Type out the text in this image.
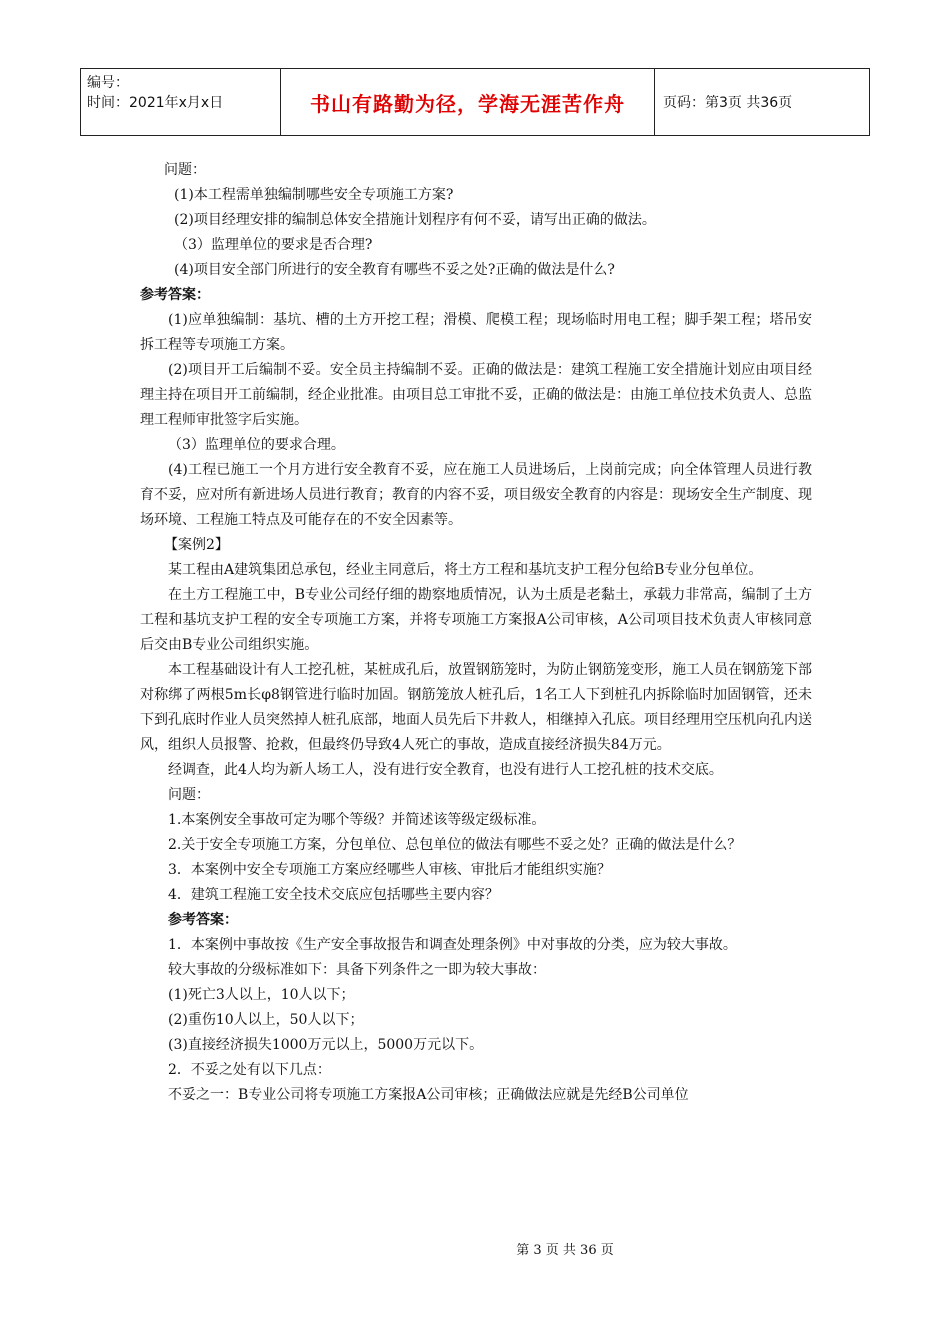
编号：
时间：2021年x月x日	书山有路勤为径，学海无涯苦作舟	页码：第3页 共36页

问题：

(1)本工程需单独编制哪些安全专项施工方案?

(2)项目经理安排的编制总体安全措施计划程序有何不妥，请写出正确的做法。

（3）监理单位的要求是否合理?

(4)项目安全部门所进行的安全教育有哪些不妥之处?正确的做法是什么?

参考答案：

(1)应单独编制：基坑、槽的土方开挖工程；滑模、爬模工程；现场临时用电工程；脚手架工程；塔吊安拆工程等专项施工方案。

(2)项目开工后编制不妥。安全员主持编制不妥。正确的做法是：建筑工程施工安全措施计划应由项目经理主持在项目开工前编制，经企业批准。由项目总工审批不妥，正确的做法是：由施工单位技术负责人、总监理工程师审批签字后实施。

（3）监理单位的要求合理。

(4)工程已施工一个月方进行安全教育不妥，应在施工人员进场后，上岗前完成；向全体管理人员进行教育不妥，应对所有新进场人员进行教育；教育的内容不妥，项目级安全教育的内容是：现场安全生产制度、现场环境、工程施工特点及可能存在的不安全因素等。

【案例2】

某工程由A建筑集团总承包，经业主同意后，将土方工程和基坑支护工程分包给B专业分包单位。

在土方工程施工中，B专业公司经仔细的勘察地质情况，认为土质是老黏土，承载力非常高，编制了土方工程和基坑支护工程的安全专项施工方案，并将专项施工方案报A公司审核，A公司项目技术负责人审核同意后交由B专业公司组织实施。

本工程基础设计有人工挖孔桩，某桩成孔后，放置钢筋笼时，为防止钢筋笼变形，施工人员在钢筋笼下部对称绑了两根5m长φ8钢管进行临时加固。钢筋笼放人桩孔后，1名工人下到桩孔内拆除临时加固钢管，还未下到孔底时作业人员突然掉人桩孔底部，地面人员先后下井救人，相继掉入孔底。项目经理用空压机向孔内送风，组织人员报警、抢救，但最终仍导致4人死亡的事故，造成直接经济损失84万元。

经调查，此4人均为新人场工人，没有进行安全教育，也没有进行人工挖孔桩的技术交底。

问题：

1.本案例安全事故可定为哪个等级？并简述该等级定级标准。

2.关于安全专项施工方案，分包单位、总包单位的做法有哪些不妥之处？正确的做法是什么？

3．本案例中安全专项施工方案应经哪些人审核、审批后才能组织实施？

4．建筑工程施工安全技术交底应包括哪些主要内容？

参考答案：

1．本案例中事故按《生产安全事故报告和调查处理条例》中对事故的分类，应为较大事故。

较大事故的分级标准如下：具备下列条件之一即为较大事故：

(1)死亡3人以上，10人以下；

(2)重伤10人以上，50人以下；

(3)直接经济损失1000万元以上，5000万元以下。

2．不妥之处有以下几点：

不妥之一：B专业公司将专项施工方案报A公司审核；正确做法应就是先经B公司单位

第 3 页 共 36 页
